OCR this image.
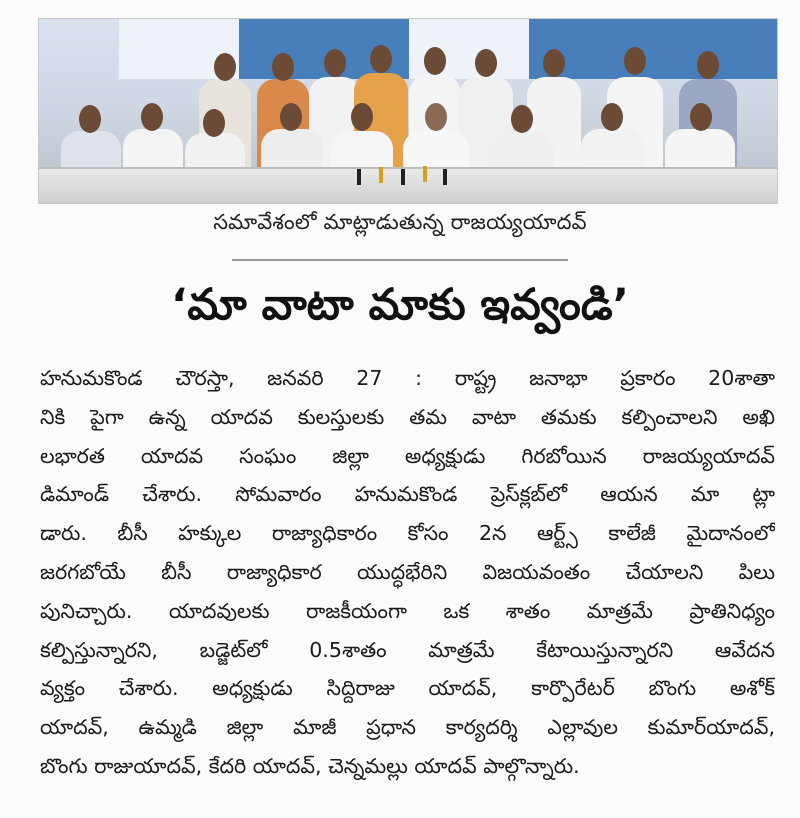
సమావేశంలో మాట్లాడుతున్న రాజయ్యయాదవ్
‘మా వాటా మాకు ఇవ్వండి’
హనుమకొండ చౌరస్తా, జనవరి 27 : రాష్ట్ర జనాభా ప్రకారం 20శాతా
నికి పైగా ఉన్న యాదవ కులస్తులకు తమ వాటా తమకు కల్పించాలని అఖి
లభారత యాదవ సంఘం జిల్లా అధ్యక్షుడు గిరబోయిన రాజయ్యయాదవ్
డిమాండ్ చేశారు. సోమవారం హనుమకొండ ప్రెస్‌క్లబ్‌లో ఆయన మా ట్లా
డారు. బీసీ హక్కుల రాజ్యాధికారం కోసం 2న ఆర్ట్స్ కాలేజీ మైదానంలో
జరగబోయే బీసీ రాజ్యాధికార యుద్ధభేరిని విజయవంతం చేయాలని పిలు
పునిచ్చారు. యాదవులకు రాజకీయంగా ఒక శాతం మాత్రమే ప్రాతినిధ్యం
కల్పిస్తున్నారని, బడ్జెట్‌లో 0.5శాతం మాత్రమే కేటాయిస్తున్నారని ఆవేదన
వ్యక్తం చేశారు. అధ్యక్షుడు సిద్దిరాజు యాదవ్, కార్పొరేటర్ బొంగు అశోక్
యాదవ్, ఉమ్మడి జిల్లా మాజీ ప్రధాన కార్యదర్శి ఎల్లావుల కుమార్‌యాదవ్,
బొంగు రాజుయాదవ్, కేదరి యాదవ్, చెన్నమల్లు యాదవ్ పాల్గొన్నారు.
